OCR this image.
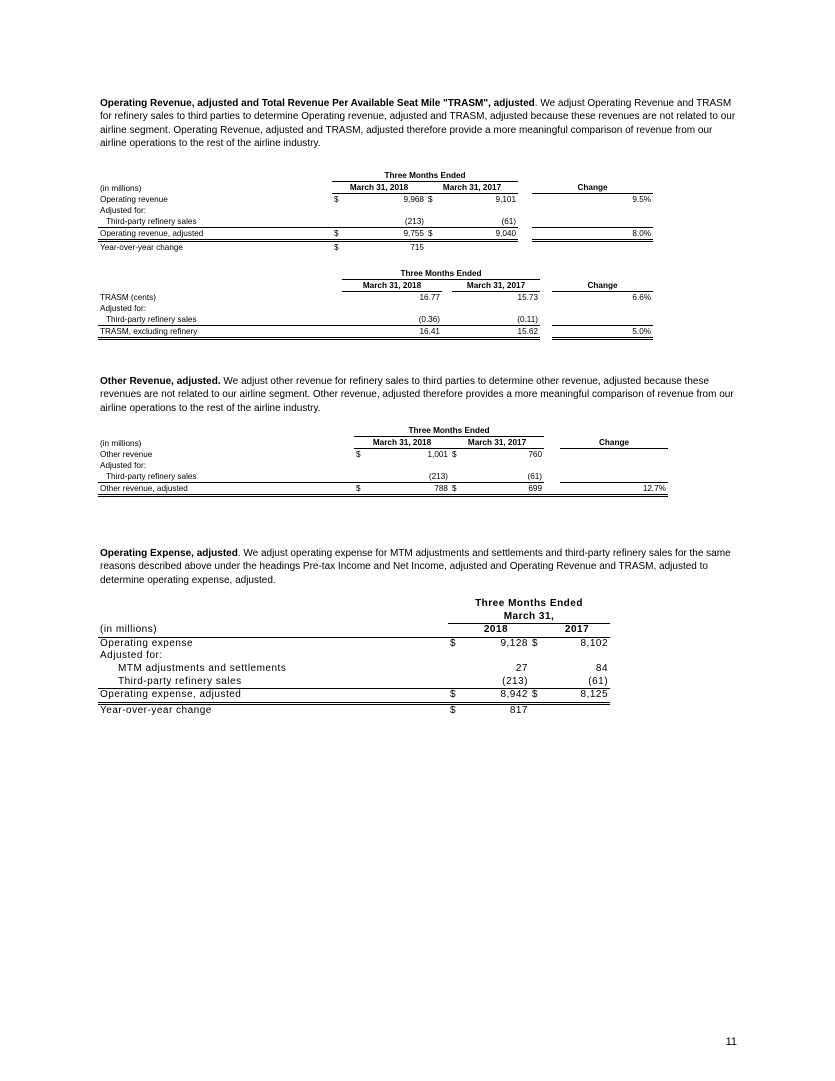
Operating Revenue, adjusted and Total Revenue Per Available Seat Mile "TRASM", adjusted. We adjust Operating Revenue and TRASM for refinery sales to third parties to determine Operating revenue, adjusted and TRASM, adjusted because these revenues are not related to our airline segment. Operating Revenue, adjusted and TRASM, adjusted therefore provide a more meaningful comparison of revenue from our airline operations to the rest of the airline industry.
	Three Months Ended					
(in millions)	March 31, 2018		March 31, 2017			Change
Operating revenue	$	9,968	$	9,101		9.5%
Adjusted for:						
Third-party refinery sales		(213)		(61)		
Operating revenue, adjusted	$	9,755	$	9,040		8.0%
Year-over-year change	$	715				
	Three Months Ended				
	March 31, 2018		March 31, 2017		Change
TRASM (cents)	16.77		15.73		6.6%
Adjusted for:					
Third-party refinery sales	(0.36)		(0.11)		
TRASM, excluding refinery	16.41		15.62		5.0%
Other Revenue, adjusted. We adjust other revenue for refinery sales to third parties to determine other revenue, adjusted because these revenues are not related to our airline segment. Other revenue, adjusted therefore provides a more meaningful comparison of revenue from our airline operations to the rest of the airline industry.
	Three Months Ended					
(in millions)	March 31, 2018		March 31, 2017			Change
Other revenue	$	1,001	$	760		
Adjusted for:						
Third-party refinery sales		(213)		(61)		
Other revenue, adjusted	$	788	$	699		12.7%
Operating Expense, adjusted. We adjust operating expense for MTM adjustments and settlements and third-party refinery sales for the same reasons described above under the headings Pre-tax Income and Net Income, adjusted and Operating Revenue and TRASM, adjusted to determine operating expense, adjusted.
	Three Months Ended			
	March 31,			
(in millions)		2018		2017
Operating expense	$	9,128	$	8,102
Adjusted for:				
MTM adjustments and settlements		27		84
Third-party refinery sales		(213)		(61)
Operating expense, adjusted	$	8,942	$	8,125
Year-over-year change	$	817		
11
